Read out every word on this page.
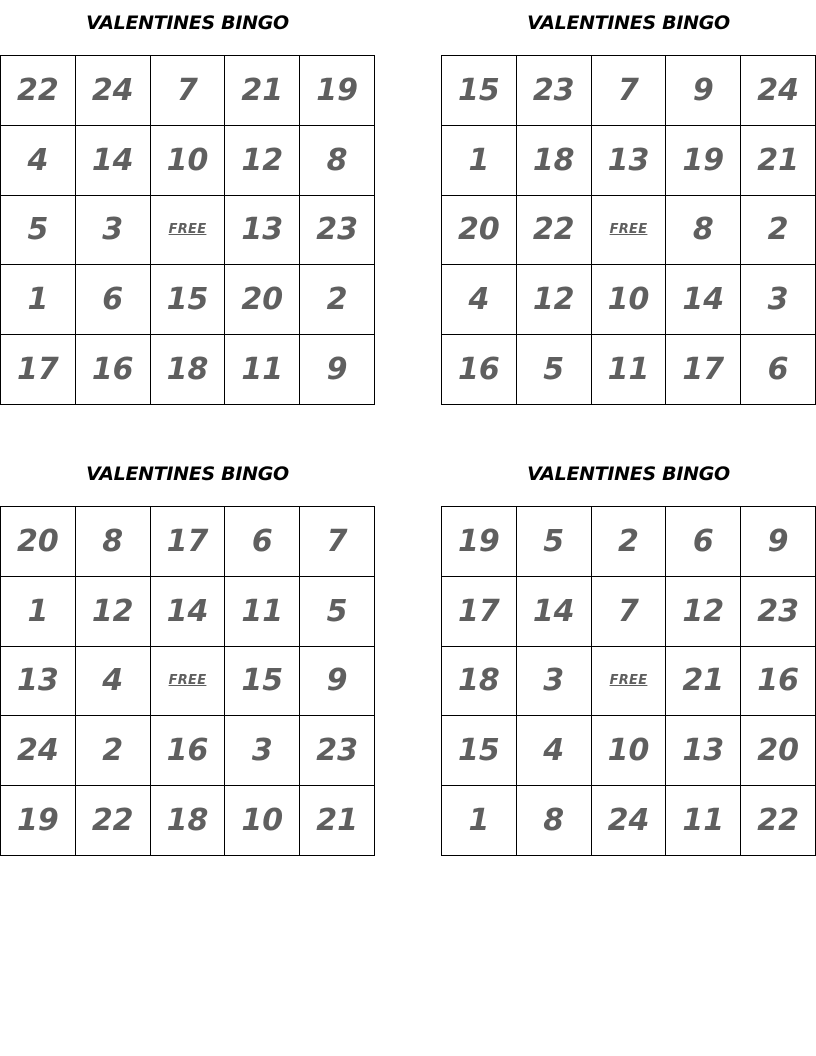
VALENTINES BINGO
22	24	7	21	19
4	14	10	12	8
5	3	FREE	13	23
1	6	15	20	2
17	16	18	11	9
VALENTINES BINGO
15	23	7	9	24
1	18	13	19	21
20	22	FREE	8	2
4	12	10	14	3
16	5	11	17	6
VALENTINES BINGO
20	8	17	6	7
1	12	14	11	5
13	4	FREE	15	9
24	2	16	3	23
19	22	18	10	21
VALENTINES BINGO
19	5	2	6	9
17	14	7	12	23
18	3	FREE	21	16
15	4	10	13	20
1	8	24	11	22
